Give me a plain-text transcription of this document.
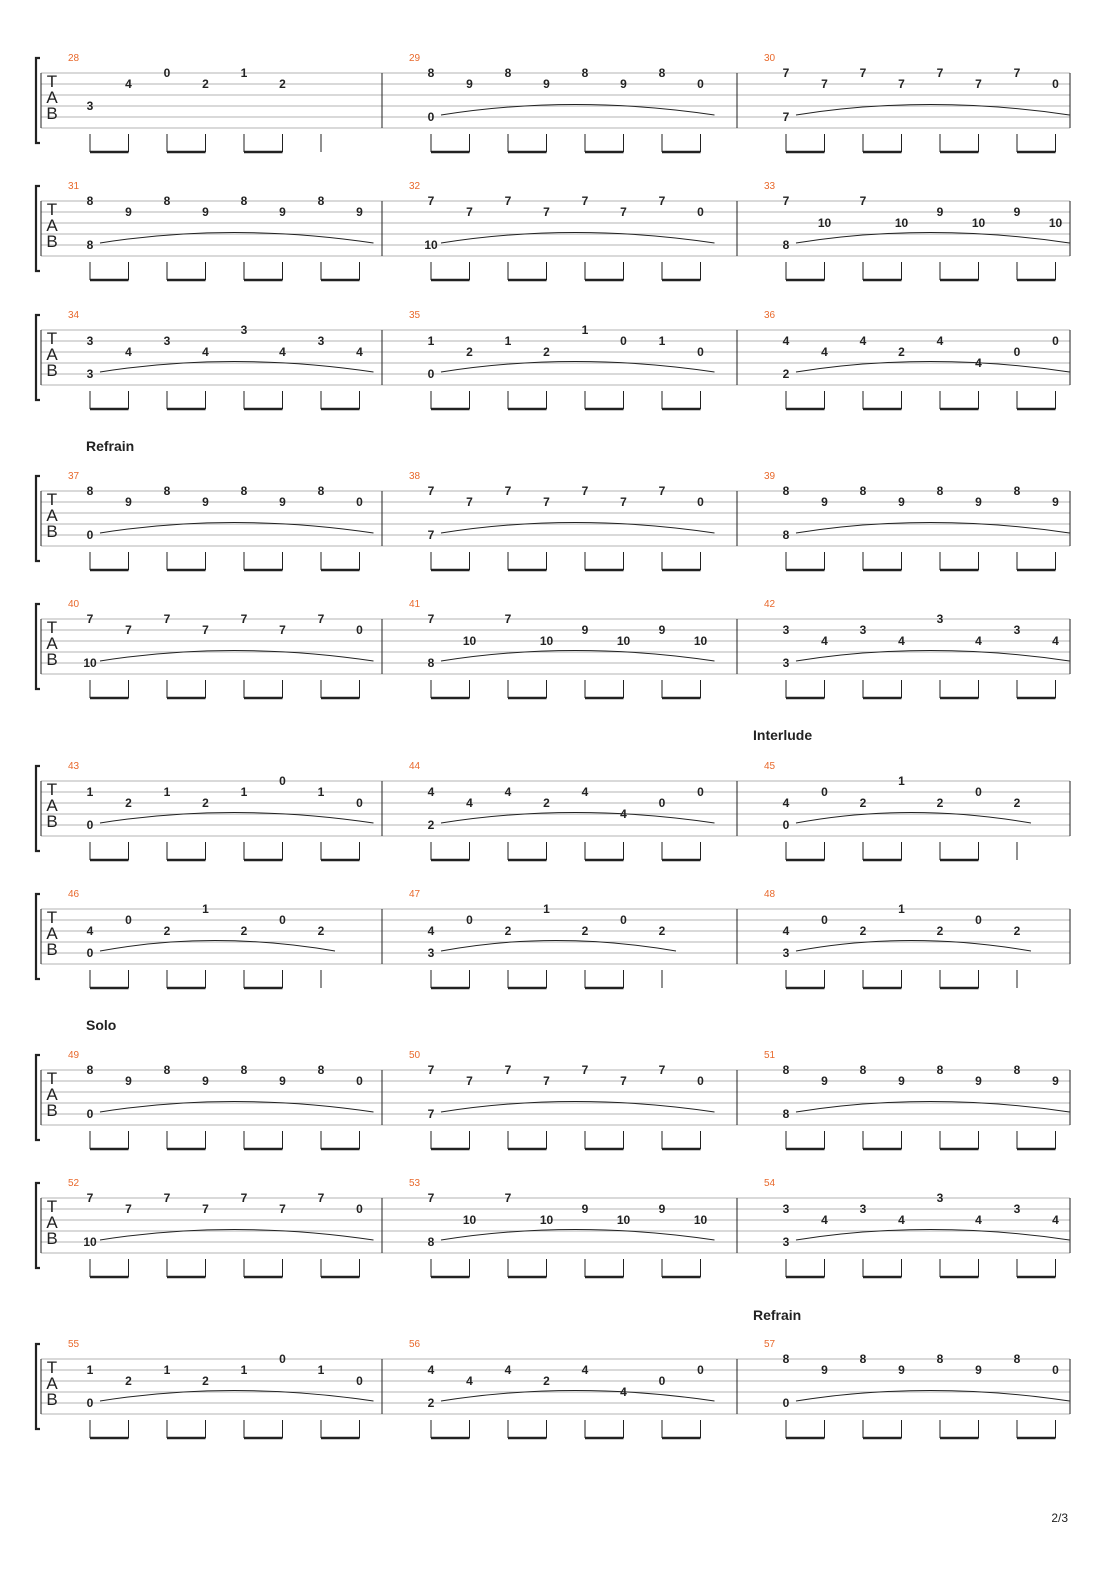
T
A
B
28
3
4
0
2
1
2
29
0
8
9
8
9
8
9
8
0
30
7
7
7
7
7
7
7
7
0
T
A
B
31
8
8
9
8
9
8
9
8
9
32
10
7
7
7
7
7
7
7
0
33
8
7
10
7
10
9
10
9
10
T
A
B
34
3
3
4
3
4
3
4
3
4
35
0
1
2
1
2
1
0	1
0
36
2
4
4
4
2
4
4
0
0
T
A
B
37
0
8
9
8
9
8
9
8
0
38
7
7
7
7
7
7
7
7
0
39
8
8
9
8
9
8
9
8
9
T
A
B
40
10
7
7
7
7
7
7
7
0
41
8
7
10
7
10
9
10
9
10
42
3
3
4
3
4
3
4
3
4
T
A
B
43
0
1
2
1
2
1
0
1
0
44
2
4
4
4
2
4
4
0
0
45
0
4
0
2
1
2
0
2
T
A
B
46
0
4
0
2
1
2
0
2
47
3
4
0
2
1
2
0
2
48
3
4
0
2
1
2
0
2
T
A
B
49
0
8
9
8
9
8
9
8
0
50
7
7
7
7
7
7
7
7
0
51
8
8
9
8
9
8
9
8
9
T
A
B
52
10
7
7
7
7
7
7
7
0
53
8
7
10
7
10
9
10
9
10
54
3
3
4
3
4
3
4
3
4
T
A
B
55
0
1
2
1
2
1
0
1
0
56
2
4
4
4
2
4
4
0
0
57
0
8
9
8
9
8
9
8
0
Refrain
Interlude
Solo
Refrain
2/3
